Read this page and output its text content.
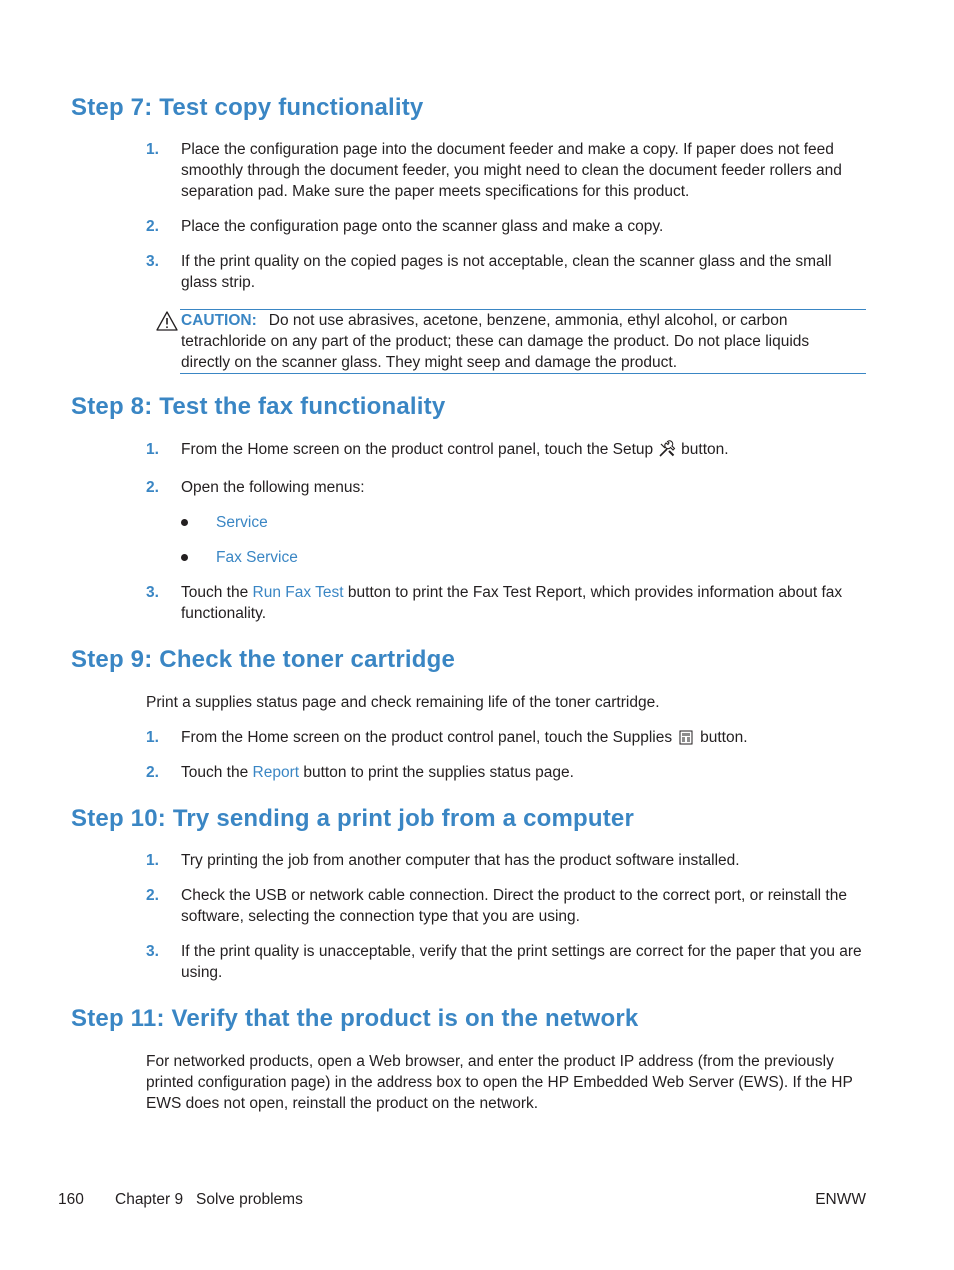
Step 7: Test copy functionality
1. Place the configuration page into the document feeder and make a copy. If paper does not feed smoothly through the document feeder, you might need to clean the document feeder rollers and separation pad. Make sure the paper meets specifications for this product.
2. Place the configuration page onto the scanner glass and make a copy.
3. If the print quality on the copied pages is not acceptable, clean the scanner glass and the small glass strip.
CAUTION: Do not use abrasives, acetone, benzene, ammonia, ethyl alcohol, or carbon tetrachloride on any part of the product; these can damage the product. Do not place liquids directly on the scanner glass. They might seep and damage the product.
Step 8: Test the fax functionality
1. From the Home screen on the product control panel, touch the Setup button.
2. Open the following menus:
Service
Fax Service
3. Touch the Run Fax Test button to print the Fax Test Report, which provides information about fax functionality.
Step 9: Check the toner cartridge
Print a supplies status page and check remaining life of the toner cartridge.
1. From the Home screen on the product control panel, touch the Supplies button.
2. Touch the Report button to print the supplies status page.
Step 10: Try sending a print job from a computer
1. Try printing the job from another computer that has the product software installed.
2. Check the USB or network cable connection. Direct the product to the correct port, or reinstall the software, selecting the connection type that you are using.
3. If the print quality is unacceptable, verify that the print settings are correct for the paper that you are using.
Step 11: Verify that the product is on the network
For networked products, open a Web browser, and enter the product IP address (from the previously printed configuration page) in the address box to open the HP Embedded Web Server (EWS). If the HP EWS does not open, reinstall the product on the network.
160 Chapter 9   Solve problems	ENWW
